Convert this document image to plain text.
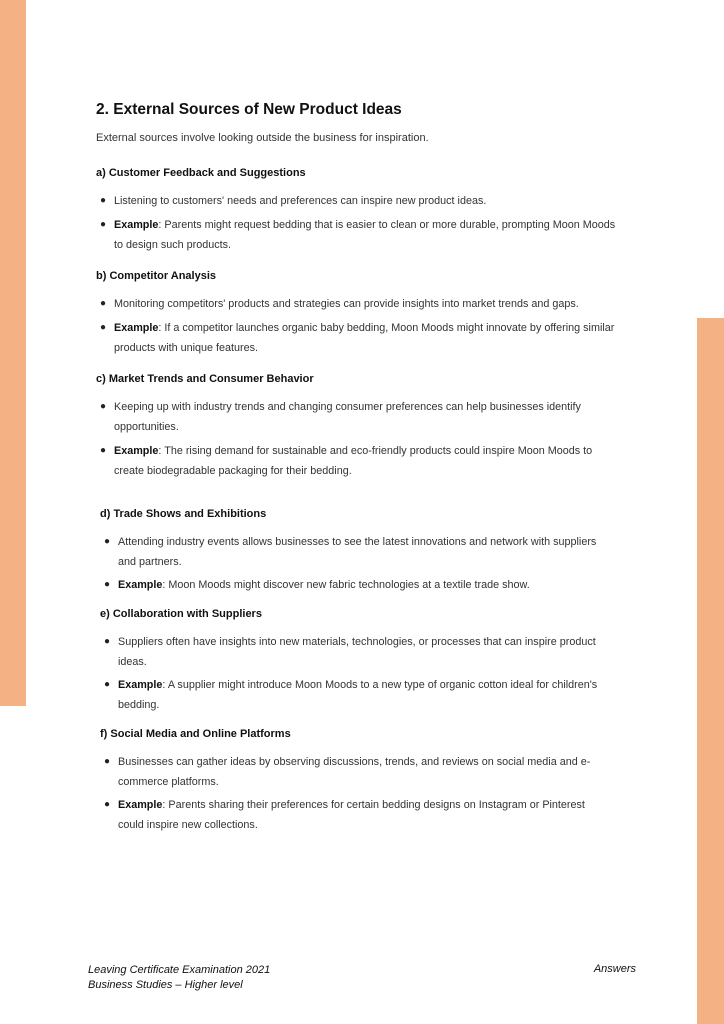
2. External Sources of New Product Ideas

External sources involve looking outside the business for inspiration.

a) Customer Feedback and Suggestions
● Listening to customers' needs and preferences can inspire new product ideas.
● Example: Parents might request bedding that is easier to clean or more durable, prompting Moon Moods to design such products.
b) Competitor Analysis
● Monitoring competitors' products and strategies can provide insights into market trends and gaps.
● Example: If a competitor launches organic baby bedding, Moon Moods might innovate by offering similar products with unique features.
c) Market Trends and Consumer Behavior
● Keeping up with industry trends and changing consumer preferences can help businesses identify opportunities.
● Example: The rising demand for sustainable and eco-friendly products could inspire Moon Moods to create biodegradable packaging for their bedding.
d) Trade Shows and Exhibitions
● Attending industry events allows businesses to see the latest innovations and network with suppliers and partners.
● Example: Moon Moods might discover new fabric technologies at a textile trade show.
e) Collaboration with Suppliers
● Suppliers often have insights into new materials, technologies, or processes that can inspire product ideas.
● Example: A supplier might introduce Moon Moods to a new type of organic cotton ideal for children's bedding.
f) Social Media and Online Platforms
● Businesses can gather ideas by observing discussions, trends, and reviews on social media and e-commerce platforms.
● Example: Parents sharing their preferences for certain bedding designs on Instagram or Pinterest could inspire new collections.
Leaving Certificate Examination 2021
Business Studies – Higher level
Answers
